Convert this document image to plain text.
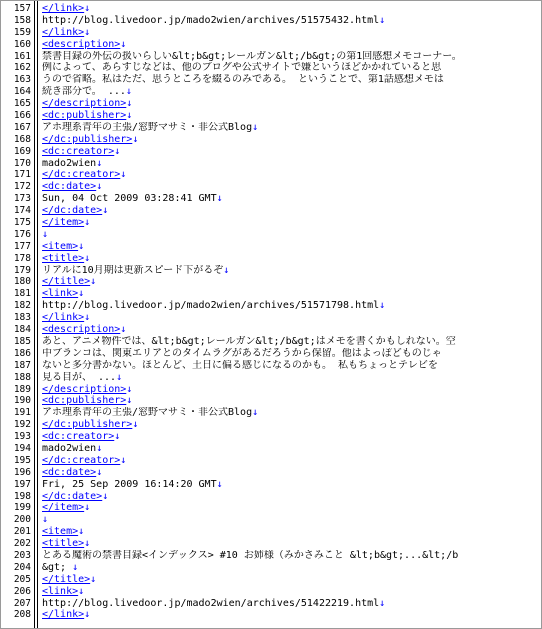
157 </link>↓
158 http://blog.livedoor.jp/mado2wien/archives/51575432.html↓
159 </link>↓
160 <description>↓
161 禁書目録の外伝の扱いらしい&lt;b&gt;レールガン&lt;/b&gt;の第1回感想メモコーナー。
162 例によって、あらすじなどは、他のブログや公式サイトで嫌というほどかかれていると思
163 うので省略。私はただ、思うところを綴るのみである。 ということで、第1話感想メモは
164 続き部分で。 ...↓
165 </description>↓
166 <dc:publisher>↓
167 アホ理系青年の主張/窓野マサミ・非公式Blog↓
168 </dc:publisher>↓
169 <dc:creator>↓
170 mado2wien↓
171 </dc:creator>↓
172 <dc:date>↓
173 Sun, 04 Oct 2009 03:28:41 GMT↓
174 </dc:date>↓
175 </item>↓
176 ↓
177 <item>↓
178 <title>↓
179 リアルに10月期は更新スピード下がるぞ↓
180 </title>↓
181 <link>↓
182 http://blog.livedoor.jp/mado2wien/archives/51571798.html↓
183 </link>↓
184 <description>↓
185 あと、アニメ物件では、&lt;b&gt;レールガン&lt;/b&gt;はメモを書くかもしれない。空
186 中ブランコは、関東エリアとのタイムラグがあるだろうから保留。他はよっぽどものじゃ
187 ないと多分書かない。ほとんど、土日に偏る感じになるのかも。 私もちょっとテレビを
188 見る目が、 ...↓
189 </description>↓
190 <dc:publisher>↓
191 アホ理系青年の主張/窓野マサミ・非公式Blog↓
192 </dc:publisher>↓
193 <dc:creator>↓
194 mado2wien↓
195 </dc:creator>↓
196 <dc:date>↓
197 Fri, 25 Sep 2009 16:14:20 GMT↓
198 </dc:date>↓
199 </item>↓
200 ↓
201 <item>↓
202 <title>↓
203 とある魔術の禁書目録<インデックス> #10 お姉様（みかさみこと &lt;b&gt;...&lt;/b
204 &gt; ↓
205 </title>↓
206 <link>↓
207 http://blog.livedoor.jp/mado2wien/archives/51422219.html↓
208 </link>↓
